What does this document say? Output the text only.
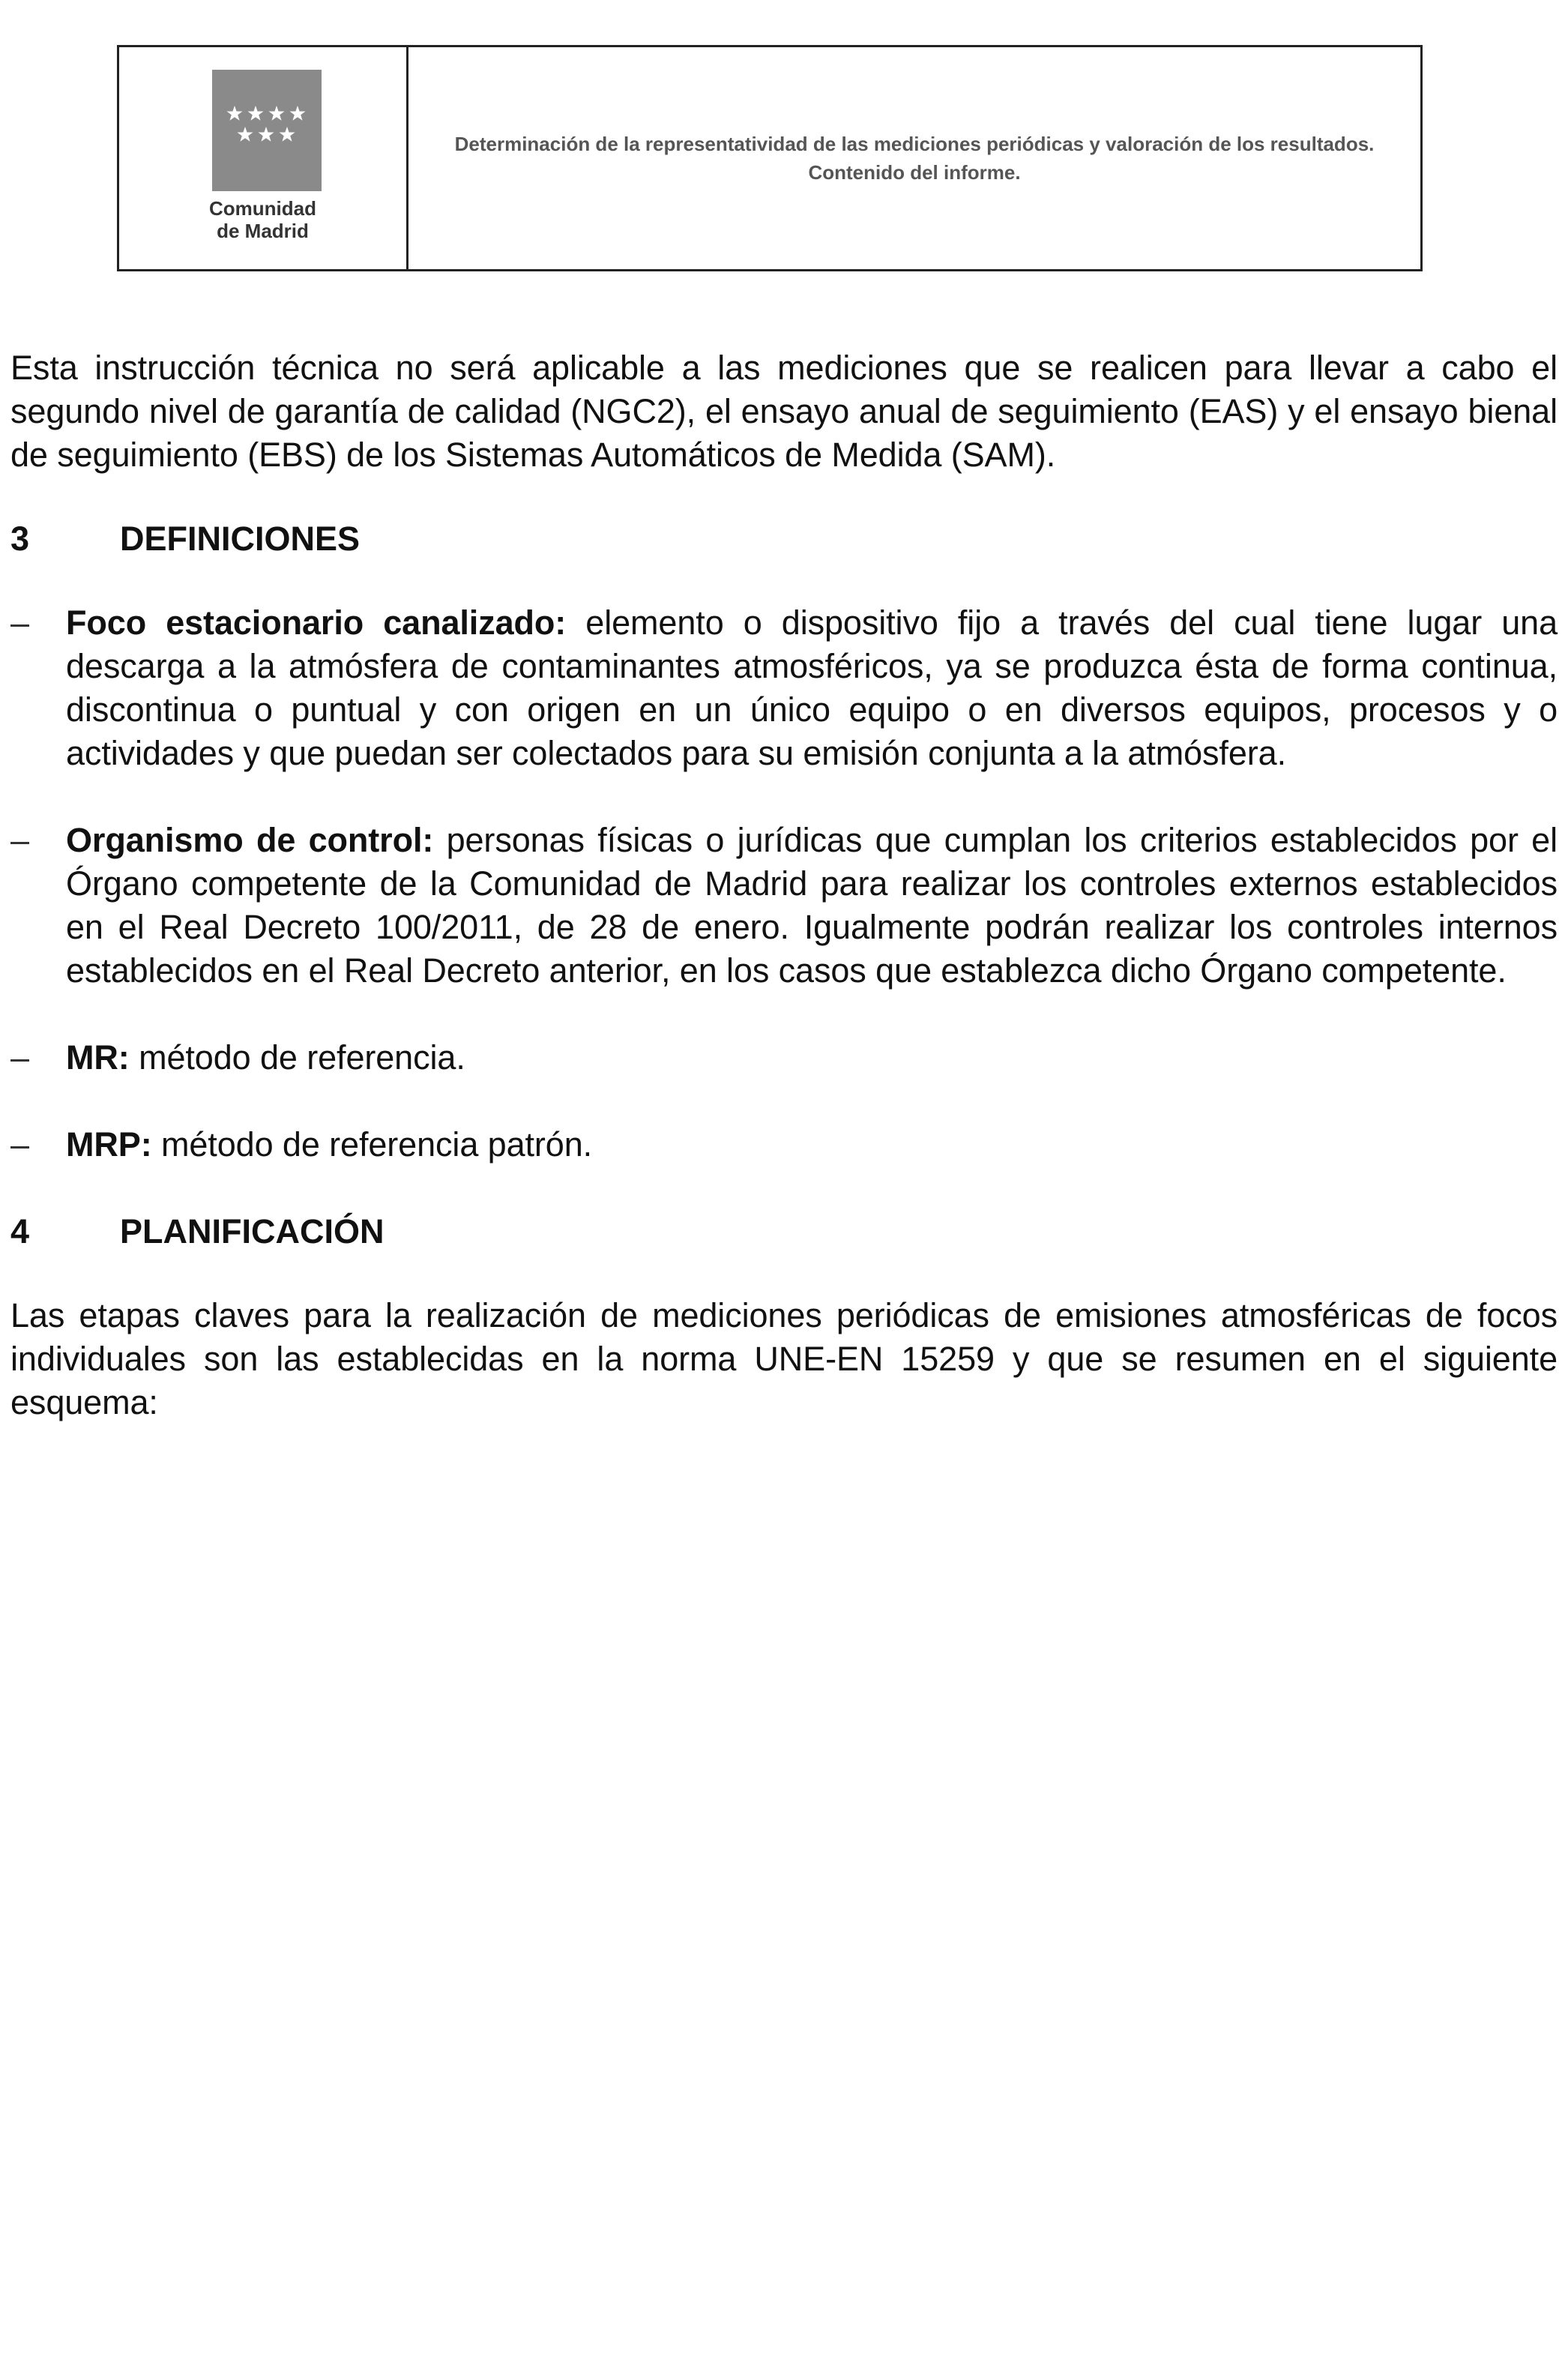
Comunidad
de Madrid
Determinación de la representatividad de las mediciones periódicas y valoración de los resultados. Contenido del informe.

Esta instrucción técnica no será aplicable a las mediciones que se realicen para llevar a cabo el segundo nivel de garantía de calidad (NGC2), el ensayo anual de seguimiento (EAS) y el ensayo bienal de seguimiento (EBS) de los Sistemas Automáticos de Medida (SAM).

3	DEFINICIONES
– Foco estacionario canalizado: elemento o dispositivo fijo a través del cual tiene lugar una descarga a la atmósfera de contaminantes atmosféricos, ya se produzca ésta de forma continua, discontinua o puntual y con origen en un único equipo o en diversos equipos, procesos y o actividades y que puedan ser colectados para su emisión conjunta a la atmósfera.

– Organismo de control: personas físicas o jurídicas que cumplan los criterios establecidos por el Órgano competente de la Comunidad de Madrid para realizar los controles externos establecidos en el Real Decreto 100/2011, de 28 de enero. Igualmente podrán realizar los controles internos establecidos en el Real Decreto anterior, en los casos que establezca dicho Órgano competente.

– MR: método de referencia.

– MRP: método de referencia patrón.

4	PLANIFICACIÓN

Las etapas claves para la realización de mediciones periódicas de emisiones atmosféricas de focos individuales son las establecidas en la norma UNE-EN 15259 y que se resumen en el siguiente esquema:
